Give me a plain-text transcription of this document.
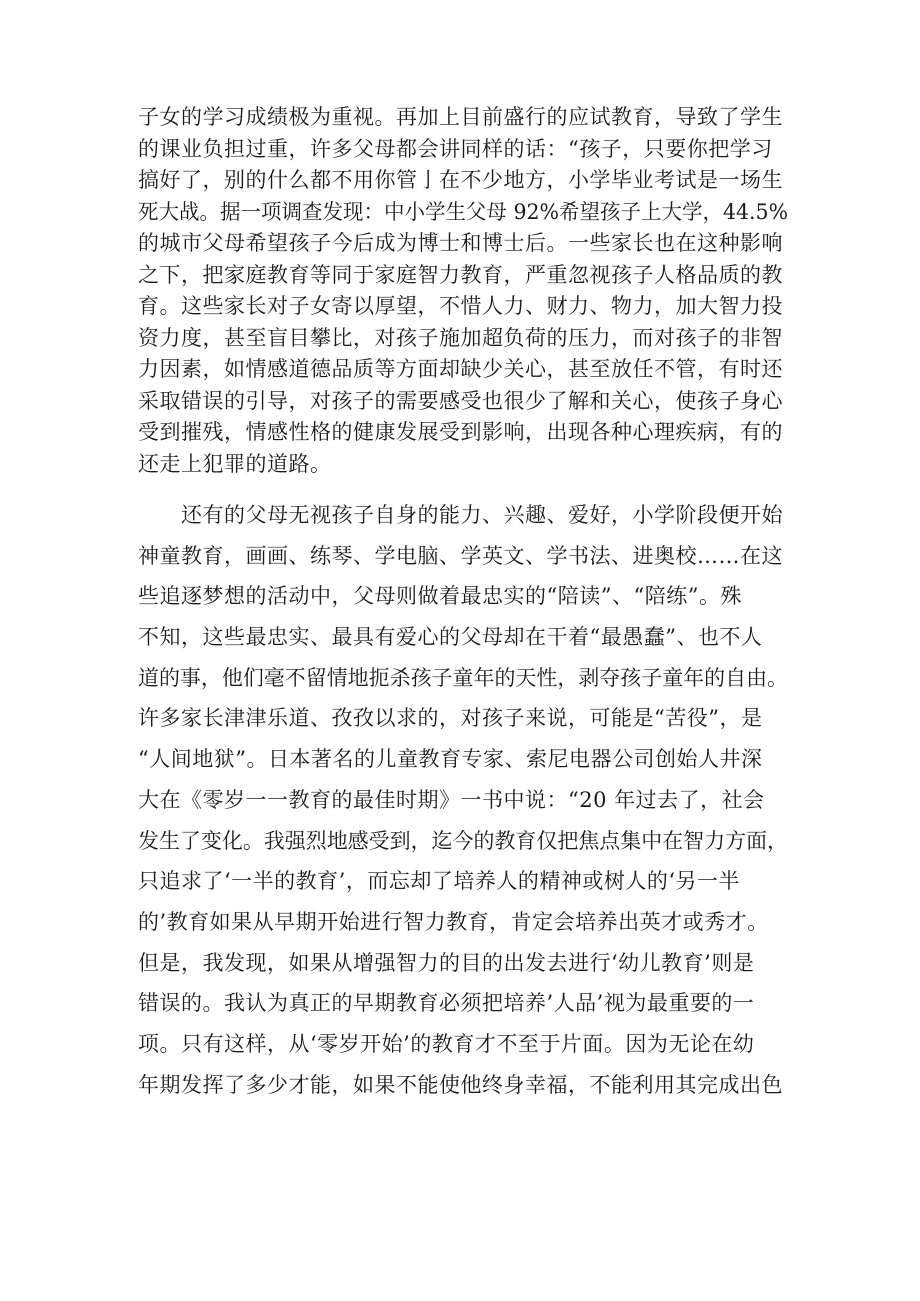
子女的学习成绩极为重视。再加上目前盛行的应试教育，导致了学生
的课业负担过重，许多父母都会讲同样的话：“孩子，只要你把学习
搞好了，别的什么都不用你管亅在不少地方，小学毕业考试是一场生
死大战。据一项调查发现：中小学生父母 92%希望孩子上大学，44.5%
的城市父母希望孩子今后成为博士和博士后。一些家长也在这种影响
之下，把家庭教育等同于家庭智力教育，严重忽视孩子人格品质的教
育。这些家长对子女寄以厚望，不惜人力、财力、物力，加大智力投
资力度，甚至盲目攀比，对孩子施加超负荷的压力，而对孩子的非智
力因素，如情感道德品质等方面却缺少关心，甚至放任不管，有时还
采取错误的引导，对孩子的需要感受也很少了解和关心，使孩子身心
受到摧残，情感性格的健康发展受到影响，出现各种心理疾病，有的
还走上犯罪的道路。

　　还有的父母无视孩子自身的能力、兴趣、爱好，小学阶段便开始
神童教育，画画、练琴、学电脑、学英文、学书法、进奥校……在这
些追逐梦想的活动中，父母则做着最忠实的“陪读”、“陪练”。殊
不知，这些最忠实、最具有爱心的父母却在干着“最愚蠢”、也不人
道的事，他们毫不留情地扼杀孩子童年的天性，剥夺孩子童年的自由。
许多家长津津乐道、孜孜以求的，对孩子来说，可能是“苦役”，是
“人间地狱”。日本著名的儿童教育专家、索尼电器公司创始人井深
大在《零岁一一教育的最佳时期》一书中说：“20 年过去了，社会
发生了变化。我强烈地感受到，迄今的教育仅把焦点集中在智力方面，
只追求了‘一半的教育’，而忘却了培养人的精神或树人的‘另一半
的’教育如果从早期开始进行智力教育，肯定会培养出英才或秀才。
但是，我发现，如果从增强智力的目的出发去进行‘幼儿教育’则是
错误的。我认为真正的早期教育必须把培养’人品’视为最重要的一
项。只有这样，从‘零岁开始’的教育才不至于片面。因为无论在幼
年期发挥了多少才能，如果不能使他终身幸福，不能利用其完成出色
